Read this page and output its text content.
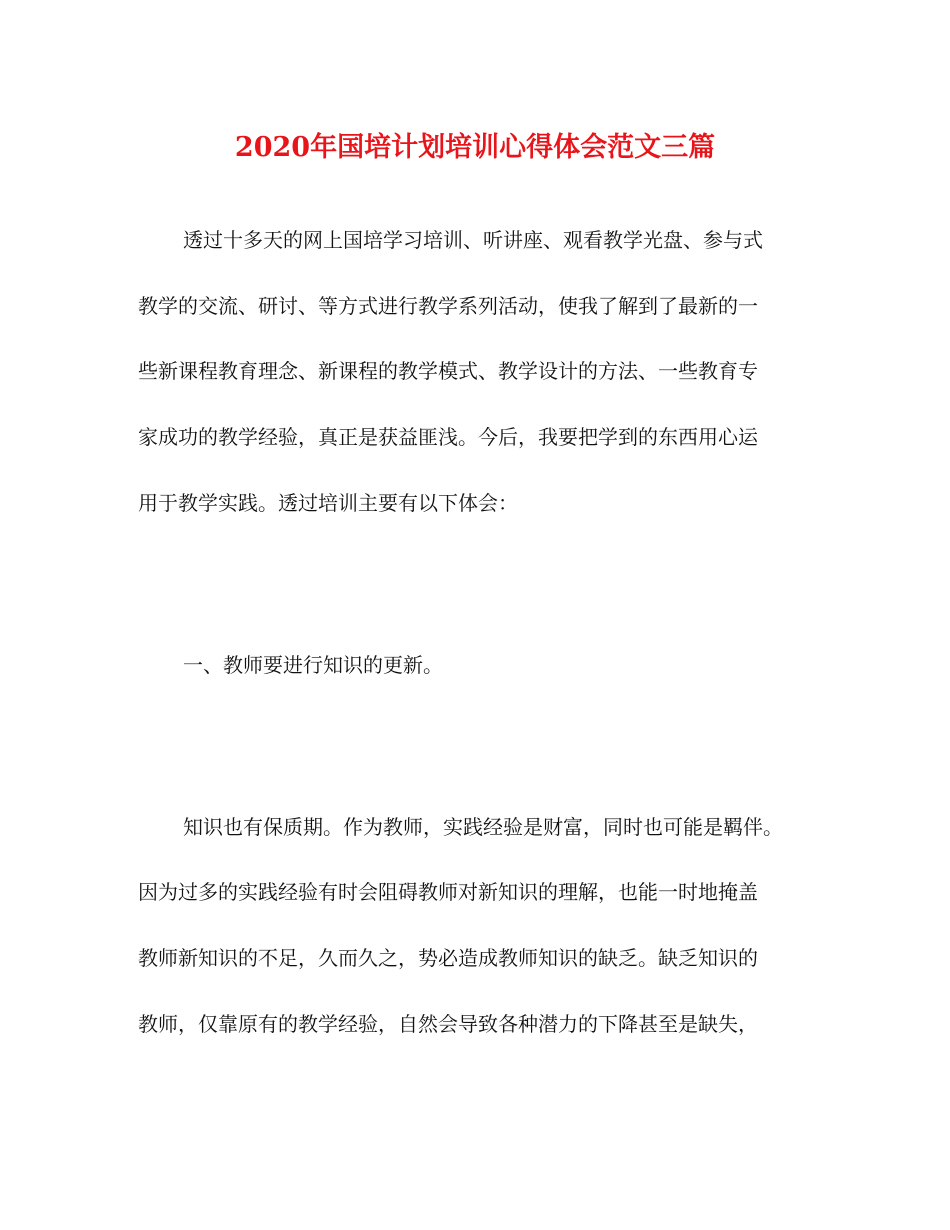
2020年国培计划培训心得体会范文三篇

透过十多天的网上国培学习培训、听讲座、观看教学光盘、参与式

教学的交流、研讨、等方式进行教学系列活动，使我了解到了最新的一

些新课程教育理念、新课程的教学模式、教学设计的方法、一些教育专

家成功的教学经验，真正是获益匪浅。今后，我要把学到的东西用心运

用于教学实践。透过培训主要有以下体会：

一、教师要进行知识的更新。

知识也有保质期。作为教师，实践经验是财富，同时也可能是羁伴。

因为过多的实践经验有时会阻碍教师对新知识的理解，也能一时地掩盖

教师新知识的不足，久而久之，势必造成教师知识的缺乏。缺乏知识的

教师，仅靠原有的教学经验，自然会导致各种潜力的下降甚至是缺失，
